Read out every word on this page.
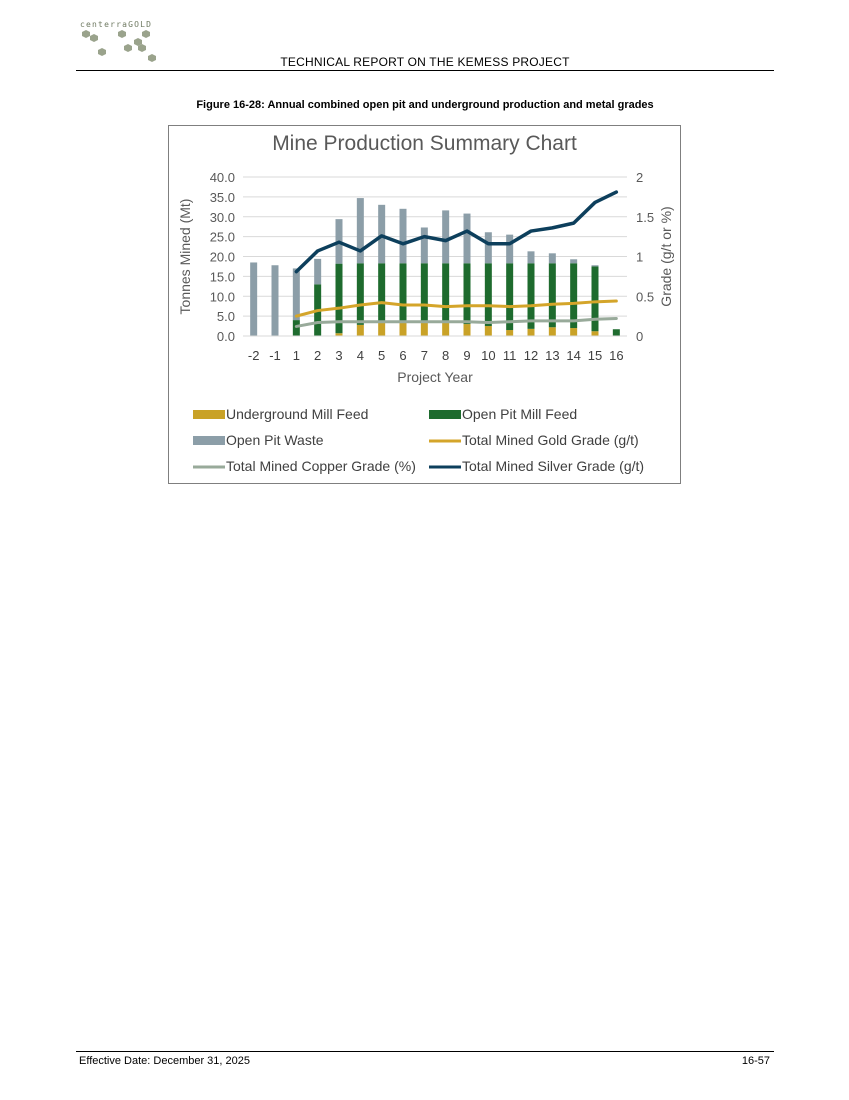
centerraGOLD
TECHNICAL REPORT ON THE KEMESS PROJECT
Figure 16-28: Annual combined open pit and underground production and metal grades
Mine Production Summary Chart
0.0
5.0
10.0
15.0
20.0
25.0
30.0
35.0
40.0
0
0.5
1
1.5
2
-2 -1 1 2 3 4 5 6 7 8 9 10 11 12 13 14 15 16
Project Year
Tonnes Mined (Mt)	Grade (g/t or %)
Underground Mill Feed	Open Pit Mill Feed
Open Pit Waste	Total Mined Gold Grade (g/t)
Total Mined Copper Grade (%)	Total Mined Silver Grade (g/t)
Effective Date: December 31, 2025	16-57
